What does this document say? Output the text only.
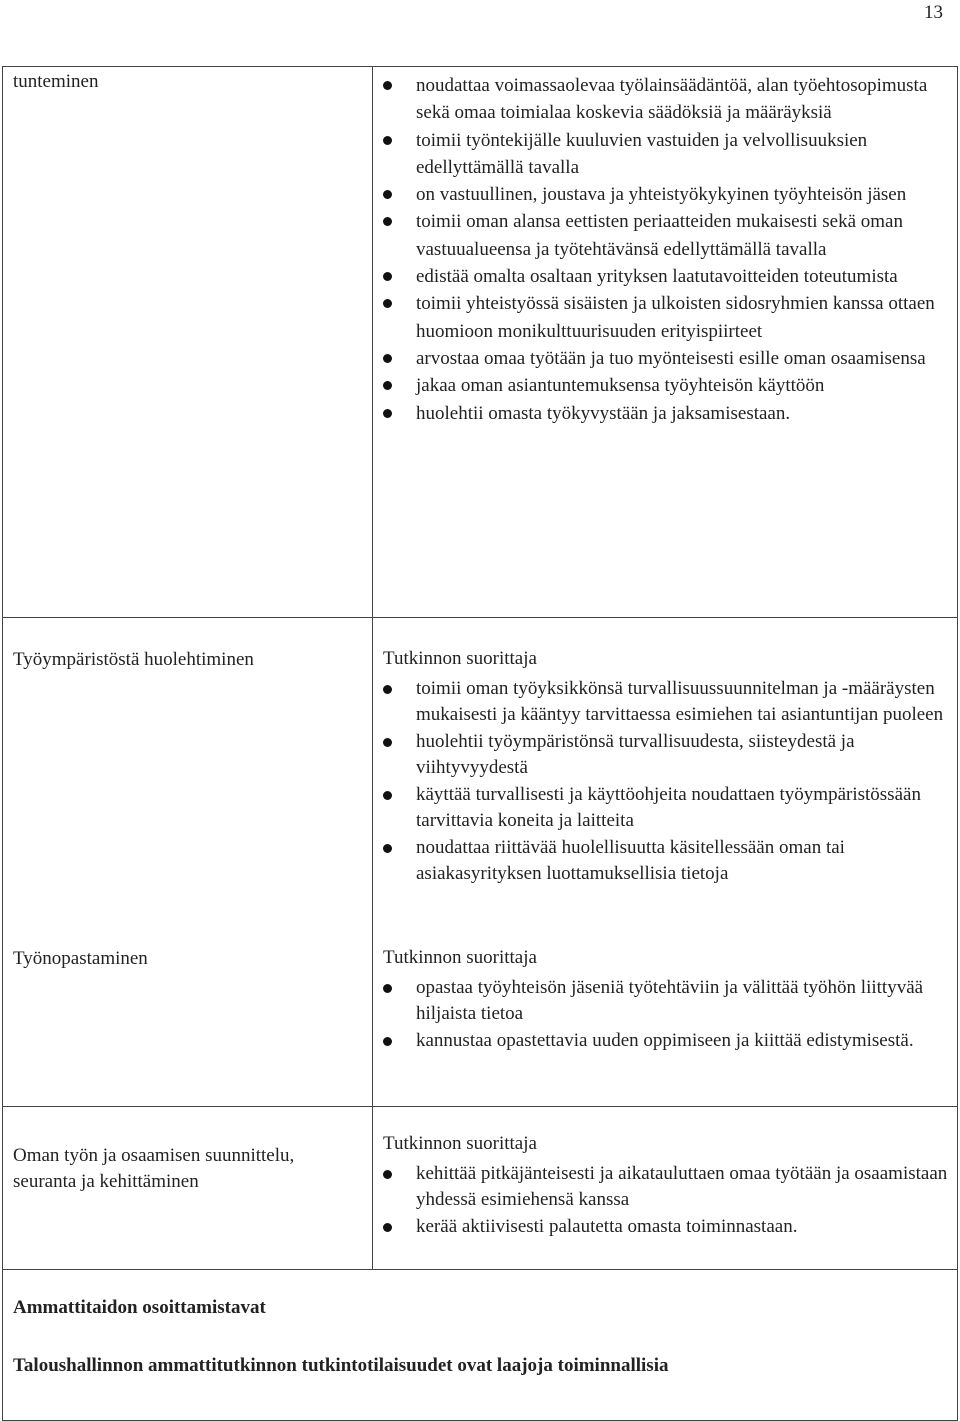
13

tunteminen	noudattaa voimassaolevaa työlainsäädäntöä, alan työehtosopimusta sekä omaa toimialaa koskevia säädöksiä ja määräyksiä
toimii työntekijälle kuuluvien vastuiden ja velvollisuuksien edellyttämällä tavalla
on vastuullinen, joustava ja yhteistyökykyinen työyhteisön jäsen
toimii oman alansa eettisten periaatteiden mukaisesti sekä oman vastuualueensa ja työtehtävänsä edellyttämällä tavalla
edistää omalta osaltaan yrityksen laatutavoitteiden toteutumista
toimii yhteistyössä sisäisten ja ulkoisten sidosryhmien kanssa ottaen huomioon monikulttuurisuuden erityispiirteet
arvostaa omaa työtään ja tuo myönteisesti esille oman osaamisensa
jakaa oman asiantuntemuksensa työyhteisön käyttöön
huolehtii omasta työkyvystään ja jaksamisestaan.

Työympäristöstä huolehtiminen

Työnopastaminen

Tutkinnon suorittaja

toimii oman työyksikkönsä turvallisuussuunnitelman ja -määräysten mukaisesti ja kääntyy tarvittaessa esimiehen tai asiantuntijan puoleen
huolehtii työympäristönsä turvallisuudesta, siisteydestä ja viihtyvyydestä
käyttää turvallisesti ja käyttöohjeita noudattaen työympäristössään tarvittavia koneita ja laitteita
noudattaa riittävää huolellisuutta käsitellessään oman tai asiakasyrityksen luottamuksellisia tietoja

Tutkinnon suorittaja

opastaa työyhteisön jäseniä työtehtäviin ja välittää työhön liittyvää hiljaista tietoa
kannustaa opastettavia uuden oppimiseen ja kiittää edistymisestä.

Oman työn ja osaamisen suunnittelu, seuranta ja kehittäminen

Tutkinnon suorittaja

kehittää pitkäjänteisesti ja aikatauluttaen omaa työtään ja osaamistaan yhdessä esimiehensä kanssa
kerää aktiivisesti palautetta omasta toiminnastaan.
Ammattitaidon osoittamistavat
Taloushallinnon ammattitutkinnon tutkintotilaisuudet ovat laajoja toiminnallisia
